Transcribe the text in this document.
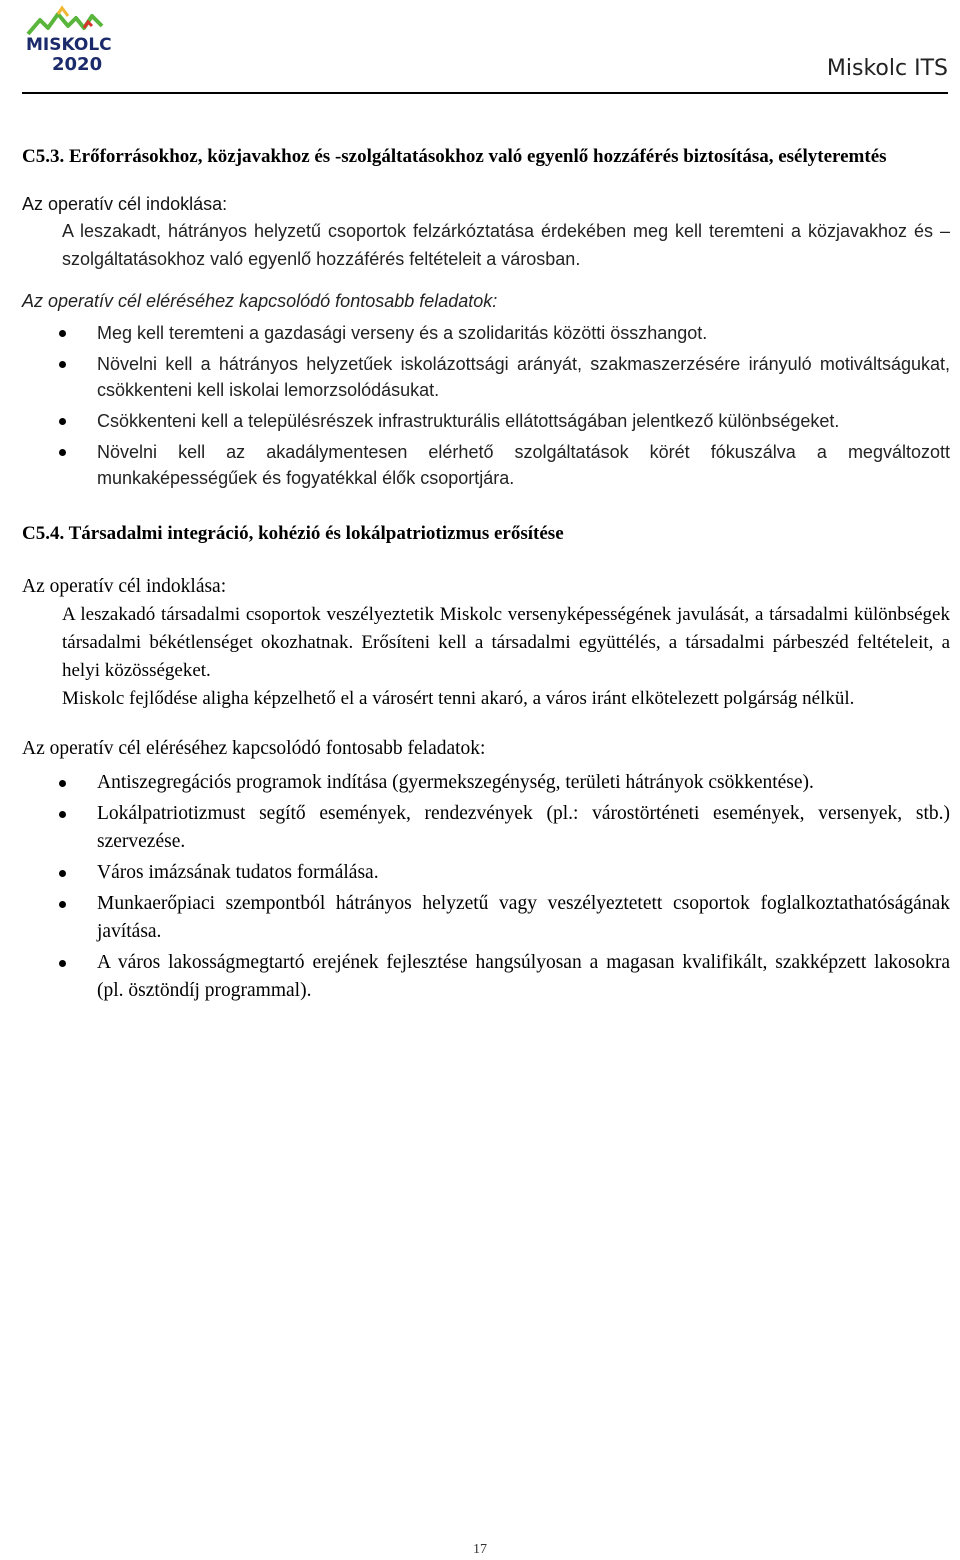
MISKOLC
2020	Miskolc ITS
C5.3. Erőforrásokhoz, közjavakhoz és -szolgáltatásokhoz való egyenlő hozzáférés biztosítása, esélyteremtés
Az operatív cél indoklása:

A leszakadt, hátrányos helyzetű csoportok felzárkóztatása érdekében meg kell teremteni a közjavakhoz és –szolgáltatásokhoz való egyenlő hozzáférés feltételeit a városban.

Az operatív cél eléréséhez kapcsolódó fontosabb feladatok:
Meg kell teremteni a gazdasági verseny és a szolidaritás közötti összhangot.
Növelni kell a hátrányos helyzetűek iskolázottsági arányát, szakmaszerzésére irányuló motiváltságukat, csökkenteni kell iskolai lemorzsolódásukat.
Csökkenteni kell a településrészek infrastrukturális ellátottságában jelentkező különbségeket.
Növelni kell az akadálymentesen elérhető szolgáltatások körét fókuszálva a megváltozott munkaképességűek és fogyatékkal élők csoportjára.
C5.4. Társadalmi integráció, kohézió és lokálpatriotizmus erősítése
Az operatív cél indoklása:

A leszakadó társadalmi csoportok veszélyeztetik Miskolc versenyképességének javulását, a társadalmi különbségek társadalmi békétlenséget okozhatnak. Erősíteni kell a társadalmi együttélés, a társadalmi párbeszéd feltételeit, a helyi közösségeket.

Miskolc fejlődése aligha képzelhető el a városért tenni akaró, a város iránt elkötelezett polgárság nélkül.

Az operatív cél eléréséhez kapcsolódó fontosabb feladatok:
Antiszegregációs programok indítása (gyermekszegénység, területi hátrányok csökkentése).
Lokálpatriotizmust segítő események, rendezvények (pl.: várostörténeti események, versenyek, stb.) szervezése.
Város imázsának tudatos formálása.
Munkaerőpiaci szempontból hátrányos helyzetű vagy veszélyeztetett csoportok foglalkoztathatóságának javítása.
A város lakosságmegtartó erejének fejlesztése hangsúlyosan a magasan kvalifikált, szakképzett lakosokra (pl. ösztöndíj programmal).
17
